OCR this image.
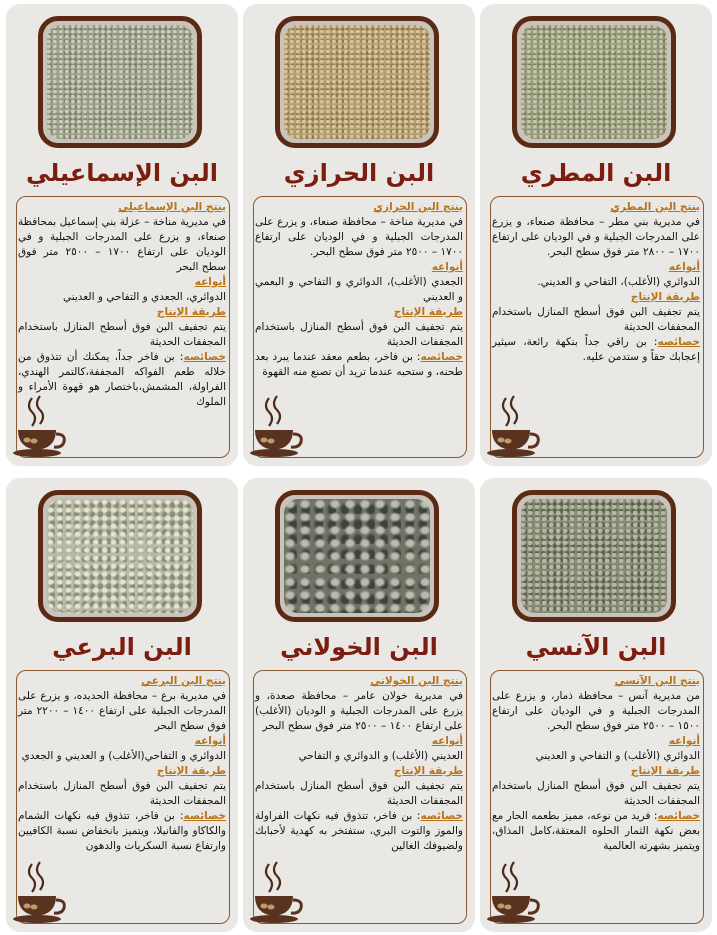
البن الإسماعيلي
ينتج البن الإسماعيلي

في مديرية مناخة – عزلة بني إسماعيل بمحافظة صنعاء، و يزرع على المدرجات الجبلية و في الوديان على ارتفاع ١٧٠٠ – ٢٥٠٠ متر فوق سطح البحر

أنواعه

الدوائري، الجعدي و التفاحي و العديني

طريقة الإنتاج

يتم تجفيف البن فوق أسطح المنازل باستخدام المجففات الحديثة

خصائصه: بن فاخر جداً، يمكنك أن تتذوق من خلاله طعم الفواكه المجففة،كالتمر الهندي، الفراولة، المشمش،باختصار هو قهوة الأمراء و الملوك

البن الحرازي
ينتج البن الحرازي

في مديرية مناخة – محافظة صنعاء، و يزرع على المدرجات الجبلية و في الوديان على ارتفاع ١٧٠٠ – ٢٥٠٠ متر فوق سطح البحر.

أنواعه

الجعدي (الأغلب)، الدوائري و التفاحي و البعمي و العديني

طريقة الإنتاج

يتم تجفيف البن فوق أسطح المنازل باستخدام المجففات الحديثة

خصائصه: بن فاخر، بطعم معقد عندما يبرد بعد طحنه، و ستحبه عندما تريد أن تصنع منه القهوة

البن المطري
ينتج البن المطري

في مديرية بني مطر – محافظة صنعاء، و يزرع على المدرجات الجبلية و في الوديان على ارتفاع ١٧٠٠ – ٢٨٠٠ متر فوق سطح البحر.

أنواعه

الدوائري (الأغلب)، التفاحي و العديني.

طريقة الإنتاج

يتم تجفيف البن فوق أسطح المنازل باستخدام المجففات الحديثة

خصائصه: بن راقي جداً بنكهة رائعة، سيثير إعجابك حقاً و ستدمن عليه.

البن البرعي
ينتج البن البرعي

في مديرية برع – محافظة الحديده، و يزرع على المدرجات الجبلية على ارتفاع ١٤٠٠ – ٢٢٠٠ متر فوق سطح البحر

أنواعه

الدوائري و التفاحي(الأغلب) و العديني و الجعدي

طريقة الإنتاج

يتم تجفيف البن فوق أسطح المنازل باستخدام المجففات الحديثة

خصائصه: بن فاخر، تتذوق فيه نكهات الشمام والكاكاو والفانيلا، ويتميز بانخفاض نسبة الكافيين وارتفاع نسبة السكريات والدهون

البن الخولاني
ينتج البن الخولاني

في مديرية خولان عامر – محافظة صعدة، و يزرع على المدرجات الجبلية و الوديان (الأغلب) على ارتفاع ١٤٠٠ – ٢٥٠٠ متر فوق سطح البحر

أنواعه

العديني (الأغلب) و الدوائري و التفاحي

طريقة الإنتاج

يتم تجفيف البن فوق أسطح المنازل باستخدام المجففات الحديثة

خصائصه: بن فاخر، تتذوق فيه نكهات الفراولة والموز والتوت البري، ستفتخر به كهدية لأحبابك ولضيوفك الغالين

البن الآنسي
ينتج البن الآنسي

من مديرية آنس – محافظة ذمار، و يزرع على المدرجات الجبلية و في الوديان على ارتفاع ١٥٠٠ – ٢٥٠٠ متر فوق سطح البحر.

أنواعه

الدوائري (الأغلب) و التفاحي و العديني

طريقة الإنتاج

يتم تجفيف البن فوق أسطح المنازل باستخدام المجففات الحديثة

خصائصه: فريد من نوعه، مميز بطعمه الحار مع بعض نكهة الثمار الحلوه المعتقة،كامل المذاق، ويتميز بشهرته العالمية
